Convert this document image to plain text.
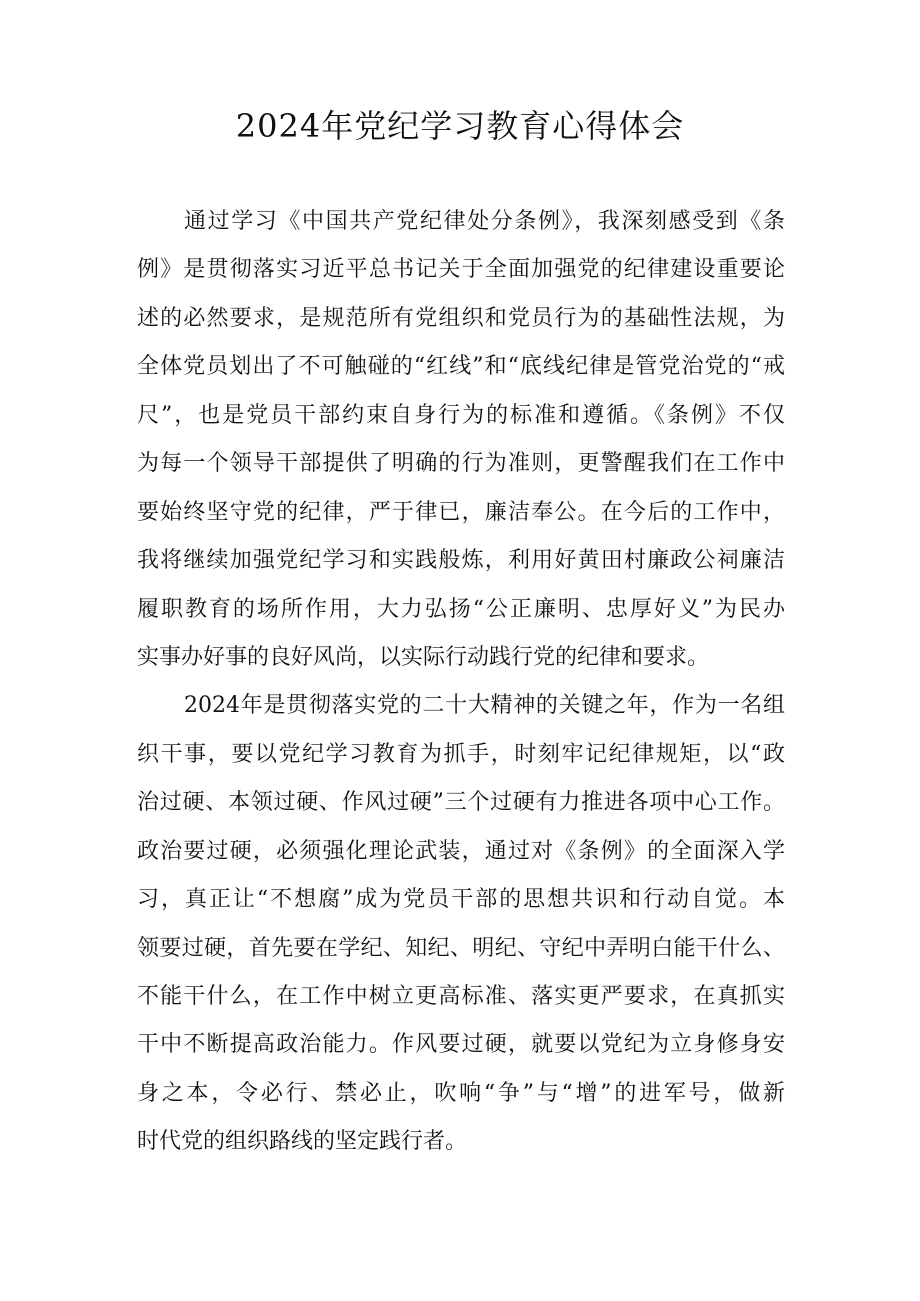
2024年党纪学习教育心得体会
通过学习《中国共产党纪律处分条例》，我深刻感受到《条
例》是贯彻落实习近平总书记关于全面加强党的纪律建设重要论
述的必然要求，是规范所有党组织和党员行为的基础性法规，为
全体党员划出了不可触碰的“红线”和“底线纪律是管党治党的“戒
尺”，也是党员干部约束自身行为的标准和遵循。《条例》不仅
为每一个领导干部提供了明确的行为准则，更警醒我们在工作中
要始终坚守党的纪律，严于律已，廉洁奉公。在今后的工作中，
我将继续加强党纪学习和实践般炼，利用好黄田村廉政公祠廉洁
履职教育的场所作用，大力弘扬“公正廉明、忠厚好义”为民办
实事办好事的良好风尚，以实际行动践行党的纪律和要求。
2024年是贯彻落实党的二十大精神的关键之年，作为一名组
织干事，要以党纪学习教育为抓手，时刻牢记纪律规矩，以“政
治过硬、本领过硬、作风过硬”三个过硬有力推进各项中心工作。
政治要过硬，必须强化理论武装，通过对《条例》的全面深入学
习，真正让“不想腐”成为党员干部的思想共识和行动自觉。本
领要过硬，首先要在学纪、知纪、明纪、守纪中弄明白能干什么、
不能干什么，在工作中树立更高标准、落实更严要求，在真抓实
干中不断提高政治能力。作风要过硬，就要以党纪为立身修身安
身之本，令必行、禁必止，吹响“争”与“增”的进军号，做新
时代党的组织路线的坚定践行者。
